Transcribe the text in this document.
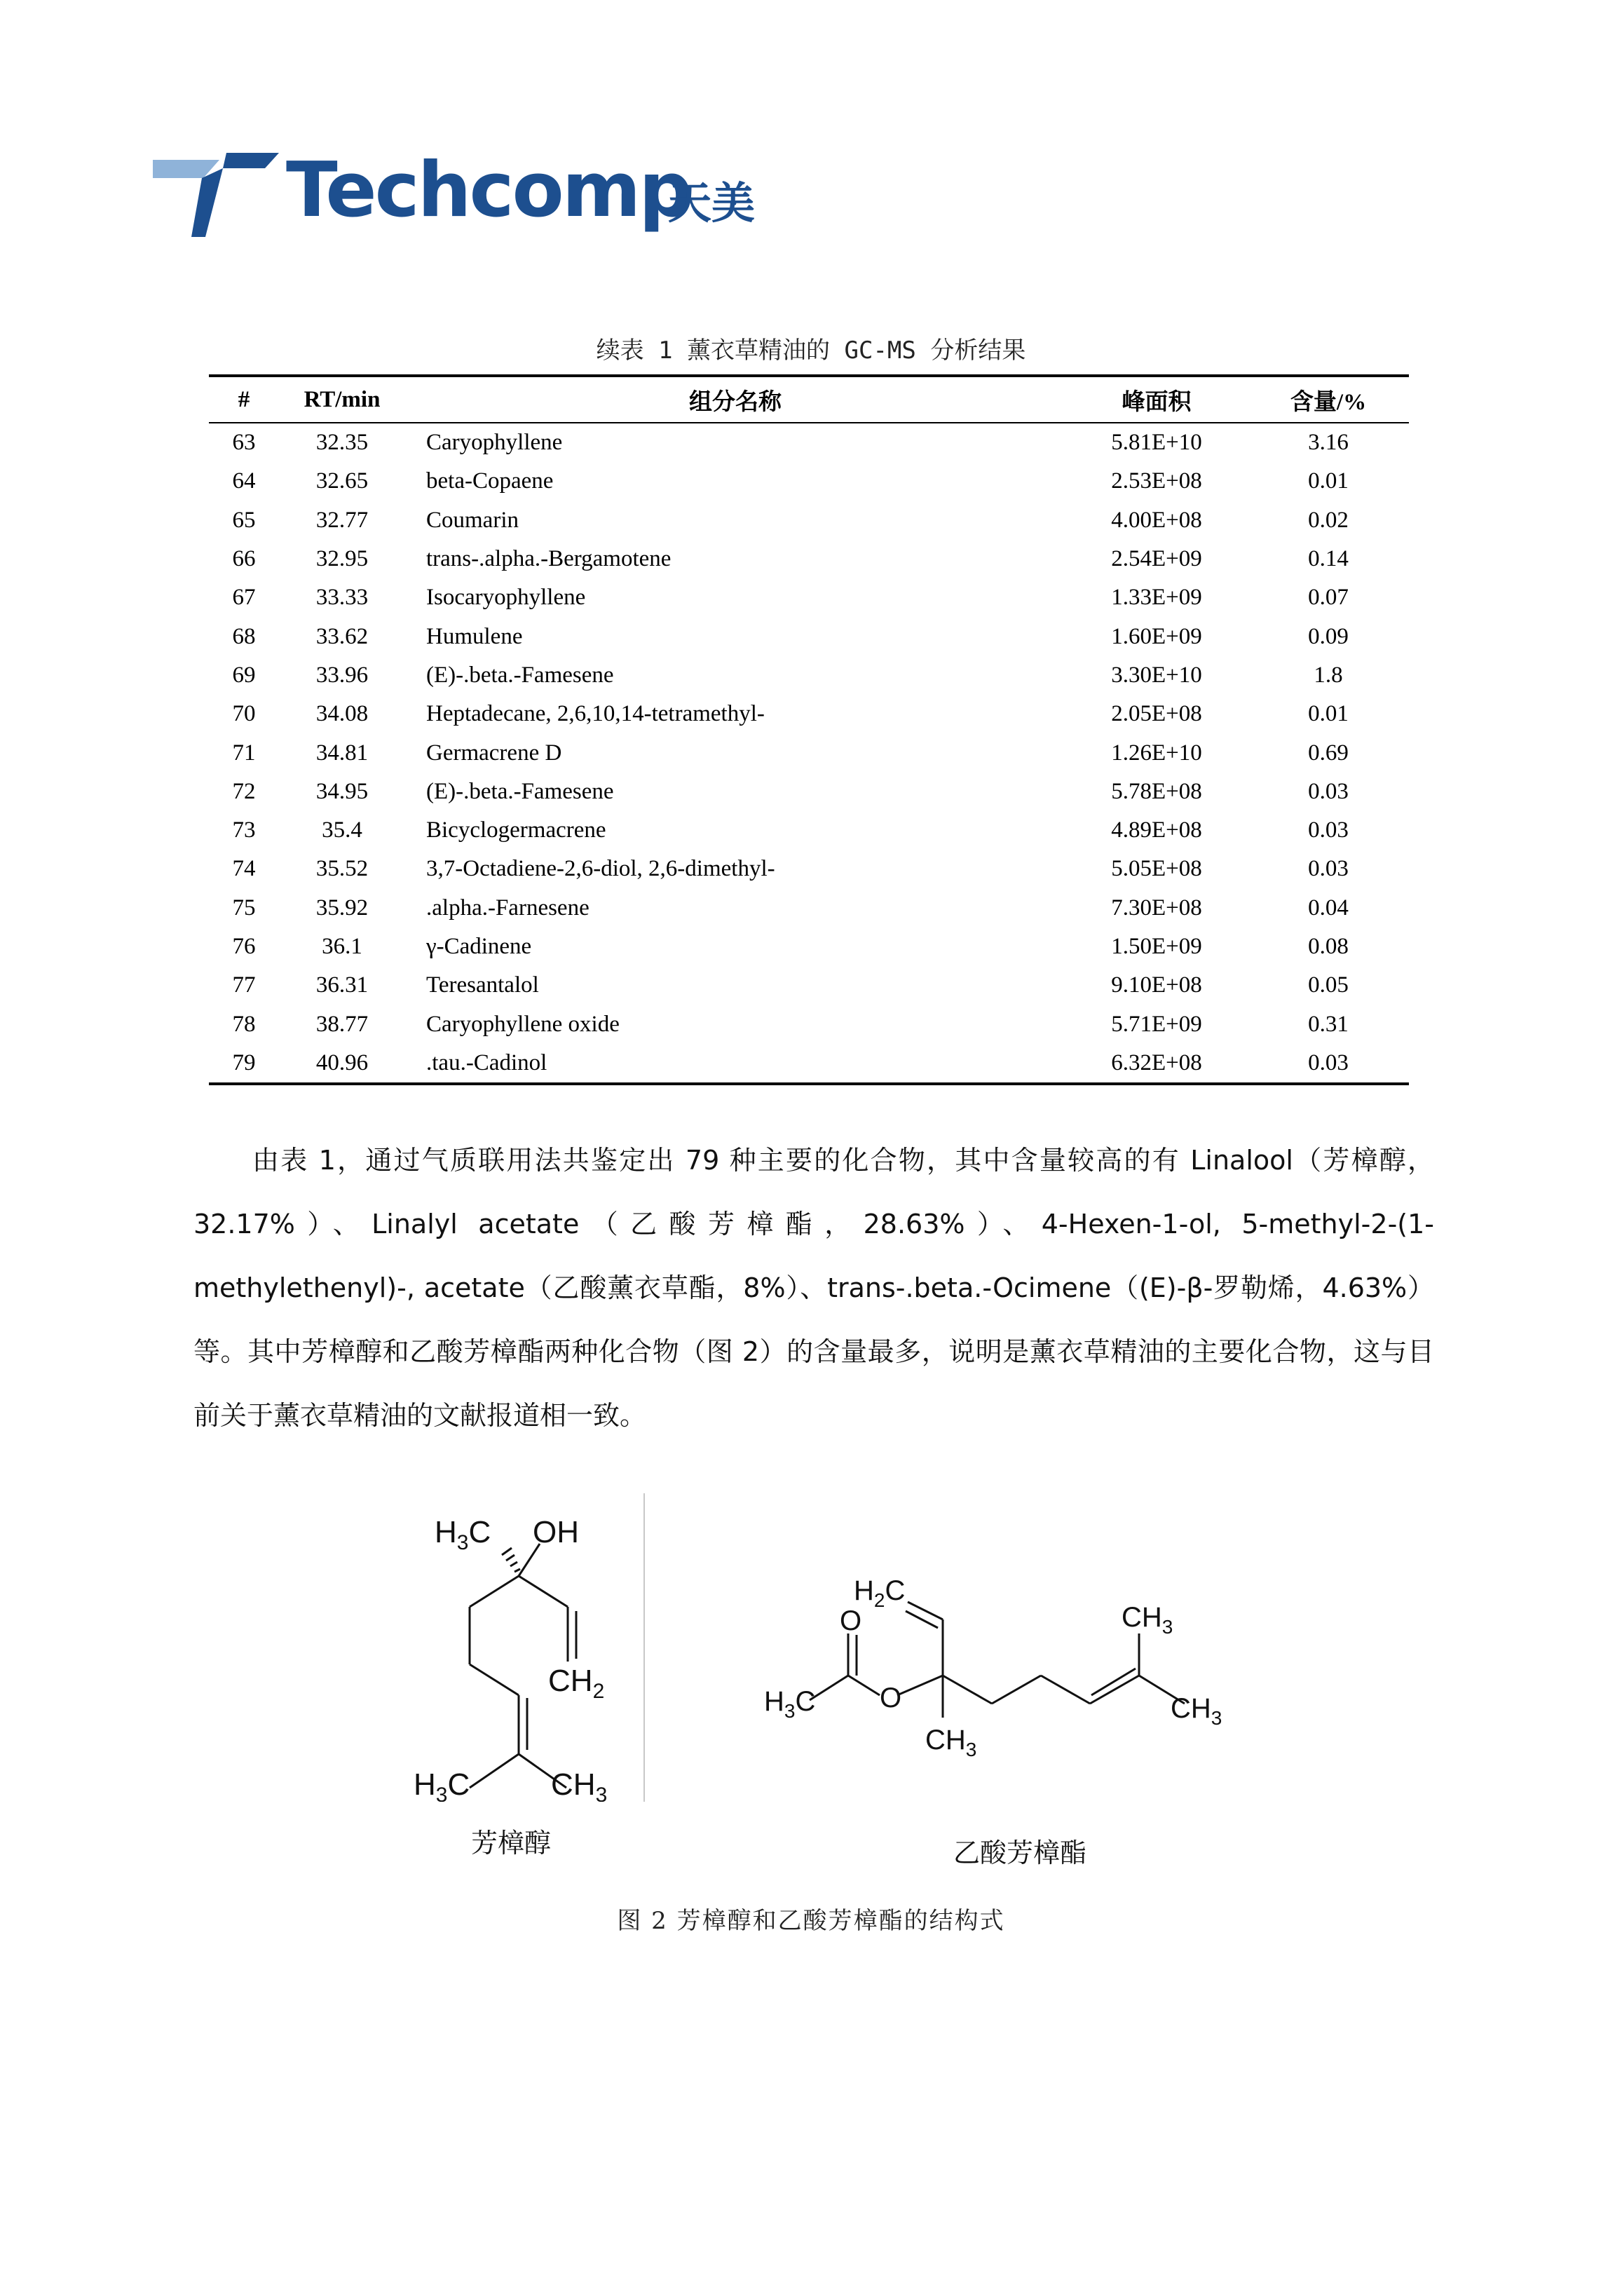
Techcomp
天美
续表 1 薰衣草精油的 GC-MS 分析结果
#	RT/min	组分名称	峰面积	含量/%
63	32.35	Caryophyllene	5.81E+10	3.16
64	32.65	beta-Copaene	2.53E+08	0.01
65	32.77	Coumarin	4.00E+08	0.02
66	32.95	trans-.alpha.-Bergamotene	2.54E+09	0.14
67	33.33	Isocaryophyllene	1.33E+09	0.07
68	33.62	Humulene	1.60E+09	0.09
69	33.96	(E)-.beta.-Famesene	3.30E+10	1.8
70	34.08	Heptadecane, 2,6,10,14-tetramethyl-	2.05E+08	0.01
71	34.81	Germacrene D	1.26E+10	0.69
72	34.95	(E)-.beta.-Famesene	5.78E+08	0.03
73	35.4	Bicyclogermacrene	4.89E+08	0.03
74	35.52	3,7-Octadiene-2,6-diol, 2,6-dimethyl-	5.05E+08	0.03
75	35.92	.alpha.-Farnesene	7.30E+08	0.04
76	36.1	γ-Cadinene	1.50E+09	0.08
77	36.31	Teresantalol	9.10E+08	0.05
78	38.77	Caryophyllene oxide	5.71E+09	0.31
79	40.96	.tau.-Cadinol	6.32E+08	0.03
由表 1，通过气质联用法共鉴定出 79 种主要的化合物，其中含量较高的有 Linalool（芳樟醇，32.17%）、Linalyl acetate（乙酸芳樟酯，28.63%）、4-Hexen-1-ol, 5-methyl-2-(1-methylethenyl)-, acetate（乙酸薰衣草酯，8%）、trans-.beta.-Ocimene（(E)-β-罗勒烯，4.63%）等。其中芳樟醇和乙酸芳樟酯两种化合物（图 2）的含量最多，说明是薰衣草精油的主要化合物，这与目前关于薰衣草精油的文献报道相一致。
$H_3C$ OH
$CH_2$
$H_3C$	$CH_3$
O
O
$H_3C$
$H_2C$
$CH_3$
$CH_3$
$CH_3$
芳樟醇	乙酸芳樟酯
图 2 芳樟醇和乙酸芳樟酯的结构式
